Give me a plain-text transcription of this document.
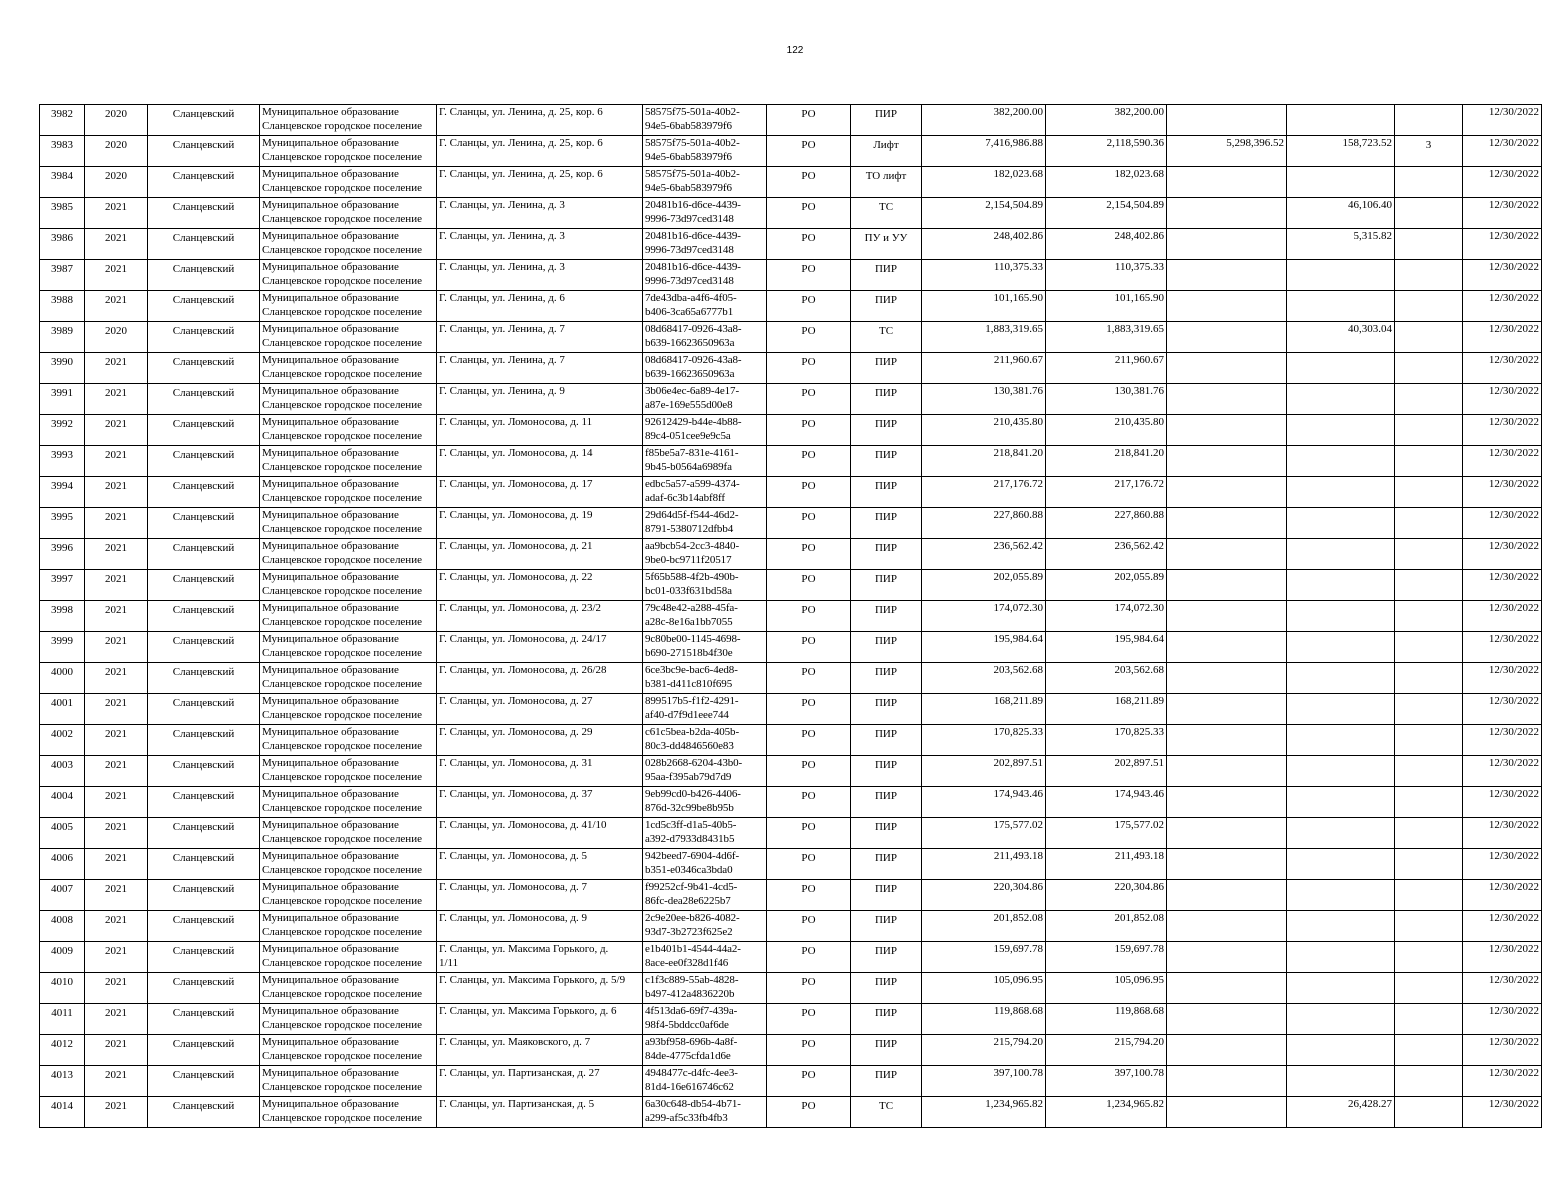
122
3982	2020	Сланцевский	Муниципальное образование
Сланцевское городское поселение	Г. Сланцы, ул. Ленина, д. 25, кор. 6	58575f75-501a-40b2-
94e5-6bab583979f6	РО	ПИР	382,200.00	382,200.00				12/30/2022
3983	2020	Сланцевский	Муниципальное образование
Сланцевское городское поселение	Г. Сланцы, ул. Ленина, д. 25, кор. 6	58575f75-501a-40b2-
94e5-6bab583979f6	РО	Лифт	7,416,986.88	2,118,590.36	5,298,396.52	158,723.52	3	12/30/2022
3984	2020	Сланцевский	Муниципальное образование
Сланцевское городское поселение	Г. Сланцы, ул. Ленина, д. 25, кор. 6	58575f75-501a-40b2-
94e5-6bab583979f6	РО	ТО лифт	182,023.68	182,023.68				12/30/2022
3985	2021	Сланцевский	Муниципальное образование
Сланцевское городское поселение	Г. Сланцы, ул. Ленина, д. 3	20481b16-d6ce-4439-
9996-73d97ced3148	РО	ТС	2,154,504.89	2,154,504.89		46,106.40		12/30/2022
3986	2021	Сланцевский	Муниципальное образование
Сланцевское городское поселение	Г. Сланцы, ул. Ленина, д. 3	20481b16-d6ce-4439-
9996-73d97ced3148	РО	ПУ и УУ	248,402.86	248,402.86		5,315.82		12/30/2022
3987	2021	Сланцевский	Муниципальное образование
Сланцевское городское поселение	Г. Сланцы, ул. Ленина, д. 3	20481b16-d6ce-4439-
9996-73d97ced3148	РО	ПИР	110,375.33	110,375.33				12/30/2022
3988	2021	Сланцевский	Муниципальное образование
Сланцевское городское поселение	Г. Сланцы, ул. Ленина, д. 6	7de43dba-a4f6-4f05-
b406-3ca65a6777b1	РО	ПИР	101,165.90	101,165.90				12/30/2022
3989	2020	Сланцевский	Муниципальное образование
Сланцевское городское поселение	Г. Сланцы, ул. Ленина, д. 7	08d68417-0926-43a8-
b639-16623650963a	РО	ТС	1,883,319.65	1,883,319.65		40,303.04		12/30/2022
3990	2021	Сланцевский	Муниципальное образование
Сланцевское городское поселение	Г. Сланцы, ул. Ленина, д. 7	08d68417-0926-43a8-
b639-16623650963a	РО	ПИР	211,960.67	211,960.67				12/30/2022
3991	2021	Сланцевский	Муниципальное образование
Сланцевское городское поселение	Г. Сланцы, ул. Ленина, д. 9	3b06e4ec-6a89-4e17-
a87e-169e555d00e8	РО	ПИР	130,381.76	130,381.76				12/30/2022
3992	2021	Сланцевский	Муниципальное образование
Сланцевское городское поселение	Г. Сланцы, ул. Ломоносова, д. 11	92612429-b44e-4b88-
89c4-051cee9e9c5a	РО	ПИР	210,435.80	210,435.80				12/30/2022
3993	2021	Сланцевский	Муниципальное образование
Сланцевское городское поселение	Г. Сланцы, ул. Ломоносова, д. 14	f85be5a7-831e-4161-
9b45-b0564a6989fa	РО	ПИР	218,841.20	218,841.20				12/30/2022
3994	2021	Сланцевский	Муниципальное образование
Сланцевское городское поселение	Г. Сланцы, ул. Ломоносова, д. 17	edbc5a57-a599-4374-
adaf-6c3b14abf8ff	РО	ПИР	217,176.72	217,176.72				12/30/2022
3995	2021	Сланцевский	Муниципальное образование
Сланцевское городское поселение	Г. Сланцы, ул. Ломоносова, д. 19	29d64d5f-f544-46d2-
8791-5380712dfbb4	РО	ПИР	227,860.88	227,860.88				12/30/2022
3996	2021	Сланцевский	Муниципальное образование
Сланцевское городское поселение	Г. Сланцы, ул. Ломоносова, д. 21	aa9bcb54-2cc3-4840-
9be0-bc9711f20517	РО	ПИР	236,562.42	236,562.42				12/30/2022
3997	2021	Сланцевский	Муниципальное образование
Сланцевское городское поселение	Г. Сланцы, ул. Ломоносова, д. 22	5f65b588-4f2b-490b-
bc01-033f631bd58a	РО	ПИР	202,055.89	202,055.89				12/30/2022
3998	2021	Сланцевский	Муниципальное образование
Сланцевское городское поселение	Г. Сланцы, ул. Ломоносова, д. 23/2	79c48e42-a288-45fa-
a28c-8e16a1bb7055	РО	ПИР	174,072.30	174,072.30				12/30/2022
3999	2021	Сланцевский	Муниципальное образование
Сланцевское городское поселение	Г. Сланцы, ул. Ломоносова, д. 24/17	9c80be00-1145-4698-
b690-271518b4f30e	РО	ПИР	195,984.64	195,984.64				12/30/2022
4000	2021	Сланцевский	Муниципальное образование
Сланцевское городское поселение	Г. Сланцы, ул. Ломоносова, д. 26/28	6ce3bc9e-bac6-4ed8-
b381-d411c810f695	РО	ПИР	203,562.68	203,562.68				12/30/2022
4001	2021	Сланцевский	Муниципальное образование
Сланцевское городское поселение	Г. Сланцы, ул. Ломоносова, д. 27	899517b5-f1f2-4291-
af40-d7f9d1eee744	РО	ПИР	168,211.89	168,211.89				12/30/2022
4002	2021	Сланцевский	Муниципальное образование
Сланцевское городское поселение	Г. Сланцы, ул. Ломоносова, д. 29	c61c5bea-b2da-405b-
80c3-dd4846560e83	РО	ПИР	170,825.33	170,825.33				12/30/2022
4003	2021	Сланцевский	Муниципальное образование
Сланцевское городское поселение	Г. Сланцы, ул. Ломоносова, д. 31	028b2668-6204-43b0-
95aa-f395ab79d7d9	РО	ПИР	202,897.51	202,897.51				12/30/2022
4004	2021	Сланцевский	Муниципальное образование
Сланцевское городское поселение	Г. Сланцы, ул. Ломоносова, д. 37	9eb99cd0-b426-4406-
876d-32c99be8b95b	РО	ПИР	174,943.46	174,943.46				12/30/2022
4005	2021	Сланцевский	Муниципальное образование
Сланцевское городское поселение	Г. Сланцы, ул. Ломоносова, д. 41/10	1cd5c3ff-d1a5-40b5-
a392-d7933d8431b5	РО	ПИР	175,577.02	175,577.02				12/30/2022
4006	2021	Сланцевский	Муниципальное образование
Сланцевское городское поселение	Г. Сланцы, ул. Ломоносова, д. 5	942beed7-6904-4d6f-
b351-e0346ca3bda0	РО	ПИР	211,493.18	211,493.18				12/30/2022
4007	2021	Сланцевский	Муниципальное образование
Сланцевское городское поселение	Г. Сланцы, ул. Ломоносова, д. 7	f99252cf-9b41-4cd5-
86fc-dea28e6225b7	РО	ПИР	220,304.86	220,304.86				12/30/2022
4008	2021	Сланцевский	Муниципальное образование
Сланцевское городское поселение	Г. Сланцы, ул. Ломоносова, д. 9	2c9e20ee-b826-4082-
93d7-3b2723f625e2	РО	ПИР	201,852.08	201,852.08				12/30/2022
4009	2021	Сланцевский	Муниципальное образование
Сланцевское городское поселение	Г. Сланцы, ул. Максима Горького, д.
1/11	e1b401b1-4544-44a2-
8ace-ee0f328d1f46	РО	ПИР	159,697.78	159,697.78				12/30/2022
4010	2021	Сланцевский	Муниципальное образование
Сланцевское городское поселение	Г. Сланцы, ул. Максима Горького, д. 5/9	c1f3c889-55ab-4828-
b497-412a4836220b	РО	ПИР	105,096.95	105,096.95				12/30/2022
4011	2021	Сланцевский	Муниципальное образование
Сланцевское городское поселение	Г. Сланцы, ул. Максима Горького, д. 6	4f513da6-69f7-439a-
98f4-5bddcc0af6de	РО	ПИР	119,868.68	119,868.68				12/30/2022
4012	2021	Сланцевский	Муниципальное образование
Сланцевское городское поселение	Г. Сланцы, ул. Маяковского, д. 7	a93bf958-696b-4a8f-
84de-4775cfda1d6e	РО	ПИР	215,794.20	215,794.20				12/30/2022
4013	2021	Сланцевский	Муниципальное образование
Сланцевское городское поселение	Г. Сланцы, ул. Партизанская, д. 27	4948477c-d4fc-4ee3-
81d4-16e616746c62	РО	ПИР	397,100.78	397,100.78				12/30/2022
4014	2021	Сланцевский	Муниципальное образование
Сланцевское городское поселение	Г. Сланцы, ул. Партизанская, д. 5	6a30c648-db54-4b71-
a299-af5c33fb4fb3	РО	ТС	1,234,965.82	1,234,965.82		26,428.27		12/30/2022
